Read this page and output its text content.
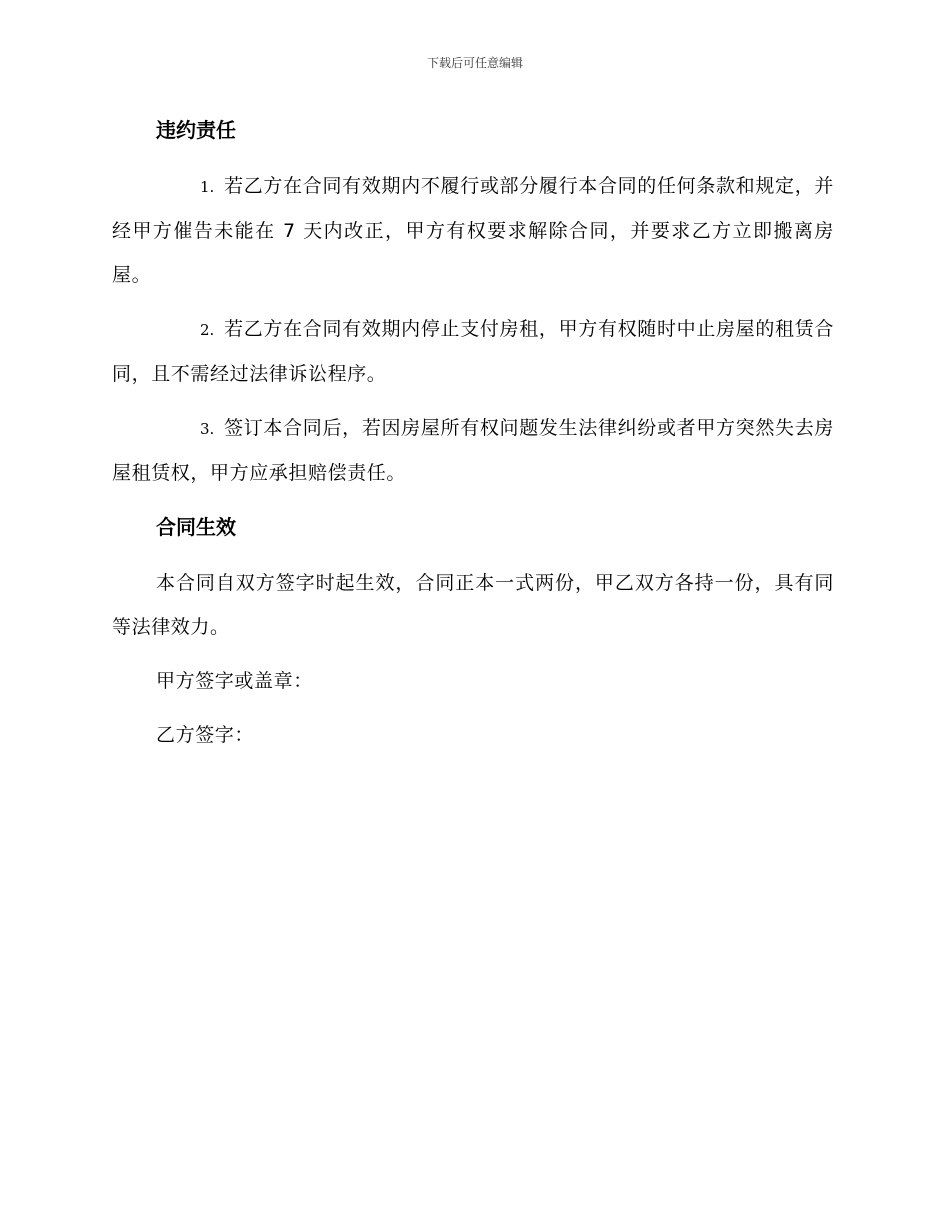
下载后可任意编辑
违约责任

1. 若乙方在合同有效期内不履行或部分履行本合同的任何条款和规定，并经甲方催告未能在 7 天内改正，甲方有权要求解除合同，并要求乙方立即搬离房屋。

2. 若乙方在合同有效期内停止支付房租，甲方有权随时中止房屋的租赁合同，且不需经过法律诉讼程序。

3. 签订本合同后，若因房屋所有权问题发生法律纠纷或者甲方突然失去房屋租赁权，甲方应承担赔偿责任。

合同生效

本合同自双方签字时起生效，合同正本一式两份，甲乙双方各持一份，具有同等法律效力。

甲方签字或盖章：

乙方签字：
